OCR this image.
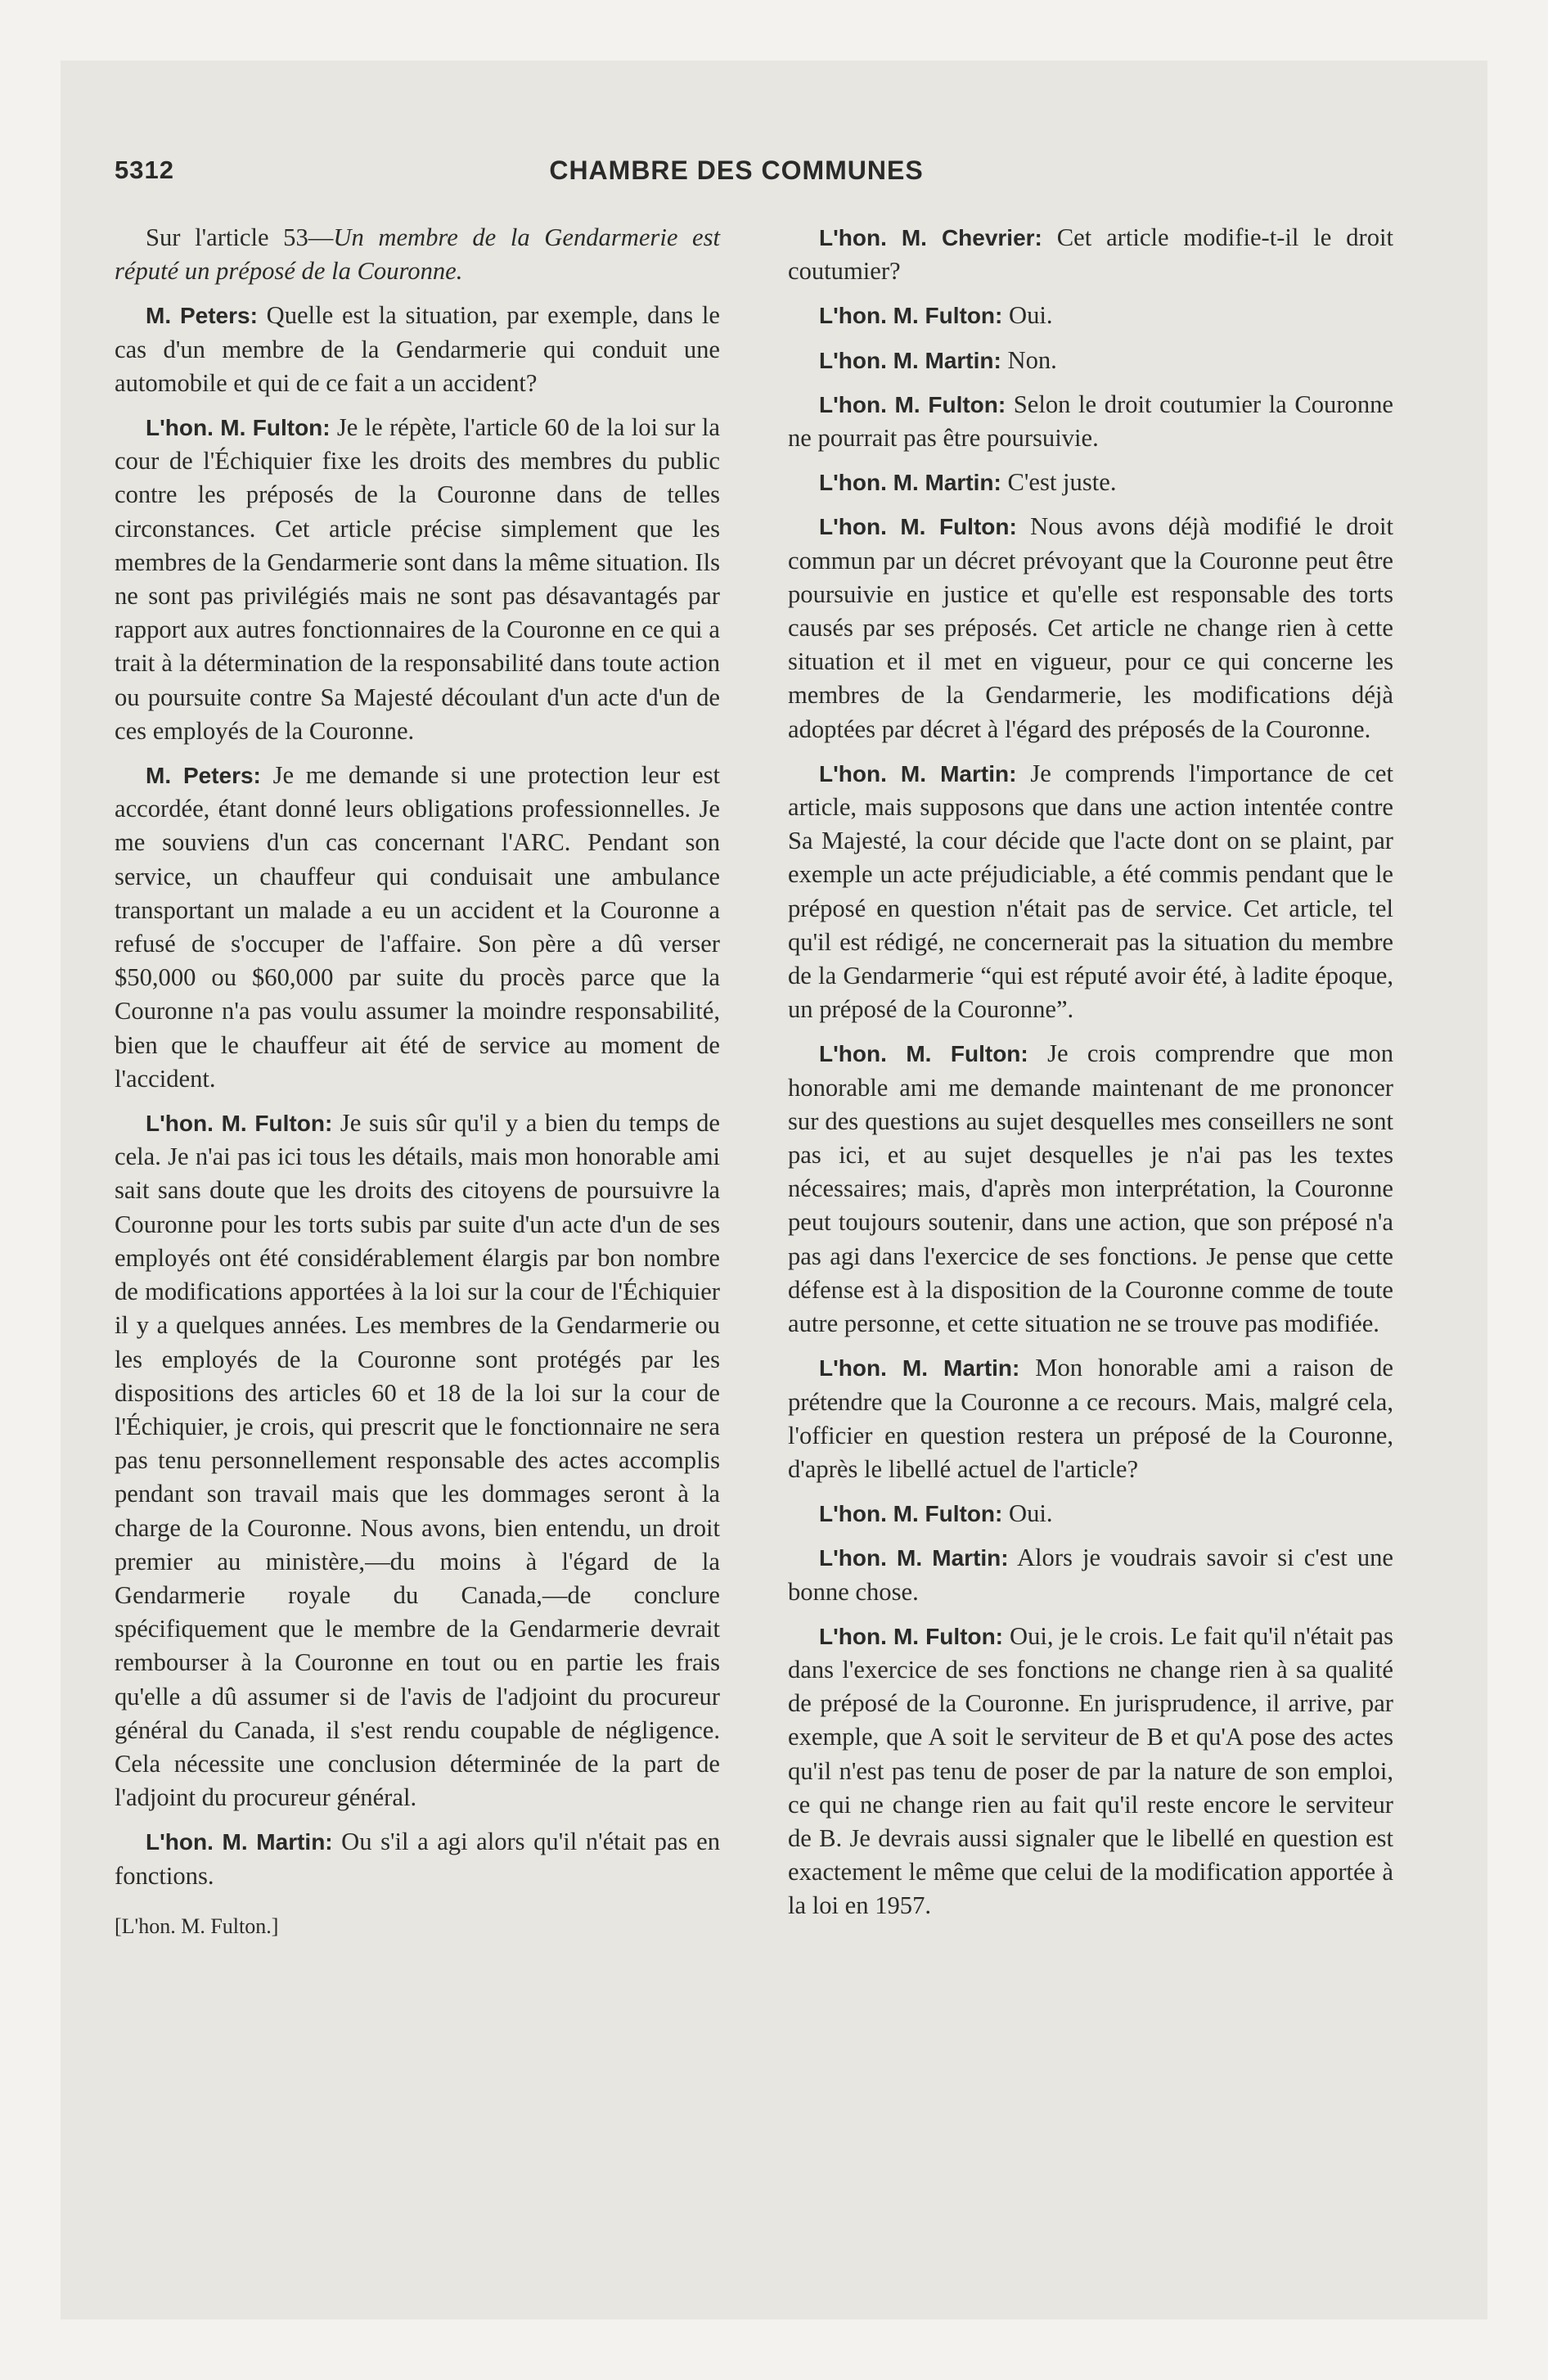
5312	CHAMBRE DES COMMUNES

Sur l'article 53—Un membre de la Gendarmerie est réputé un préposé de la Couronne.

M. Peters: Quelle est la situation, par exemple, dans le cas d'un membre de la Gendarmerie qui conduit une automobile et qui de ce fait a un accident?

L'hon. M. Fulton: Je le répète, l'article 60 de la loi sur la cour de l'Échiquier fixe les droits des membres du public contre les préposés de la Couronne dans de telles circonstances. Cet article précise simplement que les membres de la Gendarmerie sont dans la même situation. Ils ne sont pas privilégiés mais ne sont pas désavantagés par rapport aux autres fonctionnaires de la Couronne en ce qui a trait à la détermination de la responsabilité dans toute action ou poursuite contre Sa Majesté découlant d'un acte d'un de ces employés de la Couronne.

M. Peters: Je me demande si une protection leur est accordée, étant donné leurs obligations professionnelles. Je me souviens d'un cas concernant l'ARC. Pendant son service, un chauffeur qui conduisait une ambulance transportant un malade a eu un accident et la Couronne a refusé de s'occuper de l'affaire. Son père a dû verser $50,000 ou $60,000 par suite du procès parce que la Couronne n'a pas voulu assumer la moindre responsabilité, bien que le chauffeur ait été de service au moment de l'accident.

L'hon. M. Fulton: Je suis sûr qu'il y a bien du temps de cela. Je n'ai pas ici tous les détails, mais mon honorable ami sait sans doute que les droits des citoyens de poursuivre la Couronne pour les torts subis par suite d'un acte d'un de ses employés ont été considérablement élargis par bon nombre de modifications apportées à la loi sur la cour de l'Échiquier il y a quelques années. Les membres de la Gendarmerie ou les employés de la Couronne sont protégés par les dispositions des articles 60 et 18 de la loi sur la cour de l'Échiquier, je crois, qui prescrit que le fonctionnaire ne sera pas tenu personnellement responsable des actes accomplis pendant son travail mais que les dommages seront à la charge de la Couronne. Nous avons, bien entendu, un droit premier au ministère,—du moins à l'égard de la Gendarmerie royale du Canada,—de conclure spécifiquement que le membre de la Gendarmerie devrait rembourser à la Couronne en tout ou en partie les frais qu'elle a dû assumer si de l'avis de l'adjoint du procureur général du Canada, il s'est rendu coupable de négligence. Cela nécessite une conclusion déterminée de la part de l'adjoint du procureur général.

L'hon. M. Martin: Ou s'il a agi alors qu'il n'était pas en fonctions.

[L'hon. M. Fulton.]

L'hon. M. Chevrier: Cet article modifie-t-il le droit coutumier?

L'hon. M. Fulton: Oui.

L'hon. M. Martin: Non.

L'hon. M. Fulton: Selon le droit coutumier la Couronne ne pourrait pas être poursuivie.

L'hon. M. Martin: C'est juste.

L'hon. M. Fulton: Nous avons déjà modifié le droit commun par un décret prévoyant que la Couronne peut être poursuivie en justice et qu'elle est responsable des torts causés par ses préposés. Cet article ne change rien à cette situation et il met en vigueur, pour ce qui concerne les membres de la Gendarmerie, les modifications déjà adoptées par décret à l'égard des préposés de la Couronne.

L'hon. M. Martin: Je comprends l'importance de cet article, mais supposons que dans une action intentée contre Sa Majesté, la cour décide que l'acte dont on se plaint, par exemple un acte préjudiciable, a été commis pendant que le préposé en question n'était pas de service. Cet article, tel qu'il est rédigé, ne concernerait pas la situation du membre de la Gendarmerie “qui est réputé avoir été, à ladite époque, un préposé de la Couronne”.

L'hon. M. Fulton: Je crois comprendre que mon honorable ami me demande maintenant de me prononcer sur des questions au sujet desquelles mes conseillers ne sont pas ici, et au sujet desquelles je n'ai pas les textes nécessaires; mais, d'après mon interprétation, la Couronne peut toujours soutenir, dans une action, que son préposé n'a pas agi dans l'exercice de ses fonctions. Je pense que cette défense est à la disposition de la Couronne comme de toute autre personne, et cette situation ne se trouve pas modifiée.

L'hon. M. Martin: Mon honorable ami a raison de prétendre que la Couronne a ce recours. Mais, malgré cela, l'officier en question restera un préposé de la Couronne, d'après le libellé actuel de l'article?

L'hon. M. Fulton: Oui.

L'hon. M. Martin: Alors je voudrais savoir si c'est une bonne chose.

L'hon. M. Fulton: Oui, je le crois. Le fait qu'il n'était pas dans l'exercice de ses fonctions ne change rien à sa qualité de préposé de la Couronne. En jurisprudence, il arrive, par exemple, que A soit le serviteur de B et qu'A pose des actes qu'il n'est pas tenu de poser de par la nature de son emploi, ce qui ne change rien au fait qu'il reste encore le serviteur de B. Je devrais aussi signaler que le libellé en question est exactement le même que celui de la modification apportée à la loi en 1957.
